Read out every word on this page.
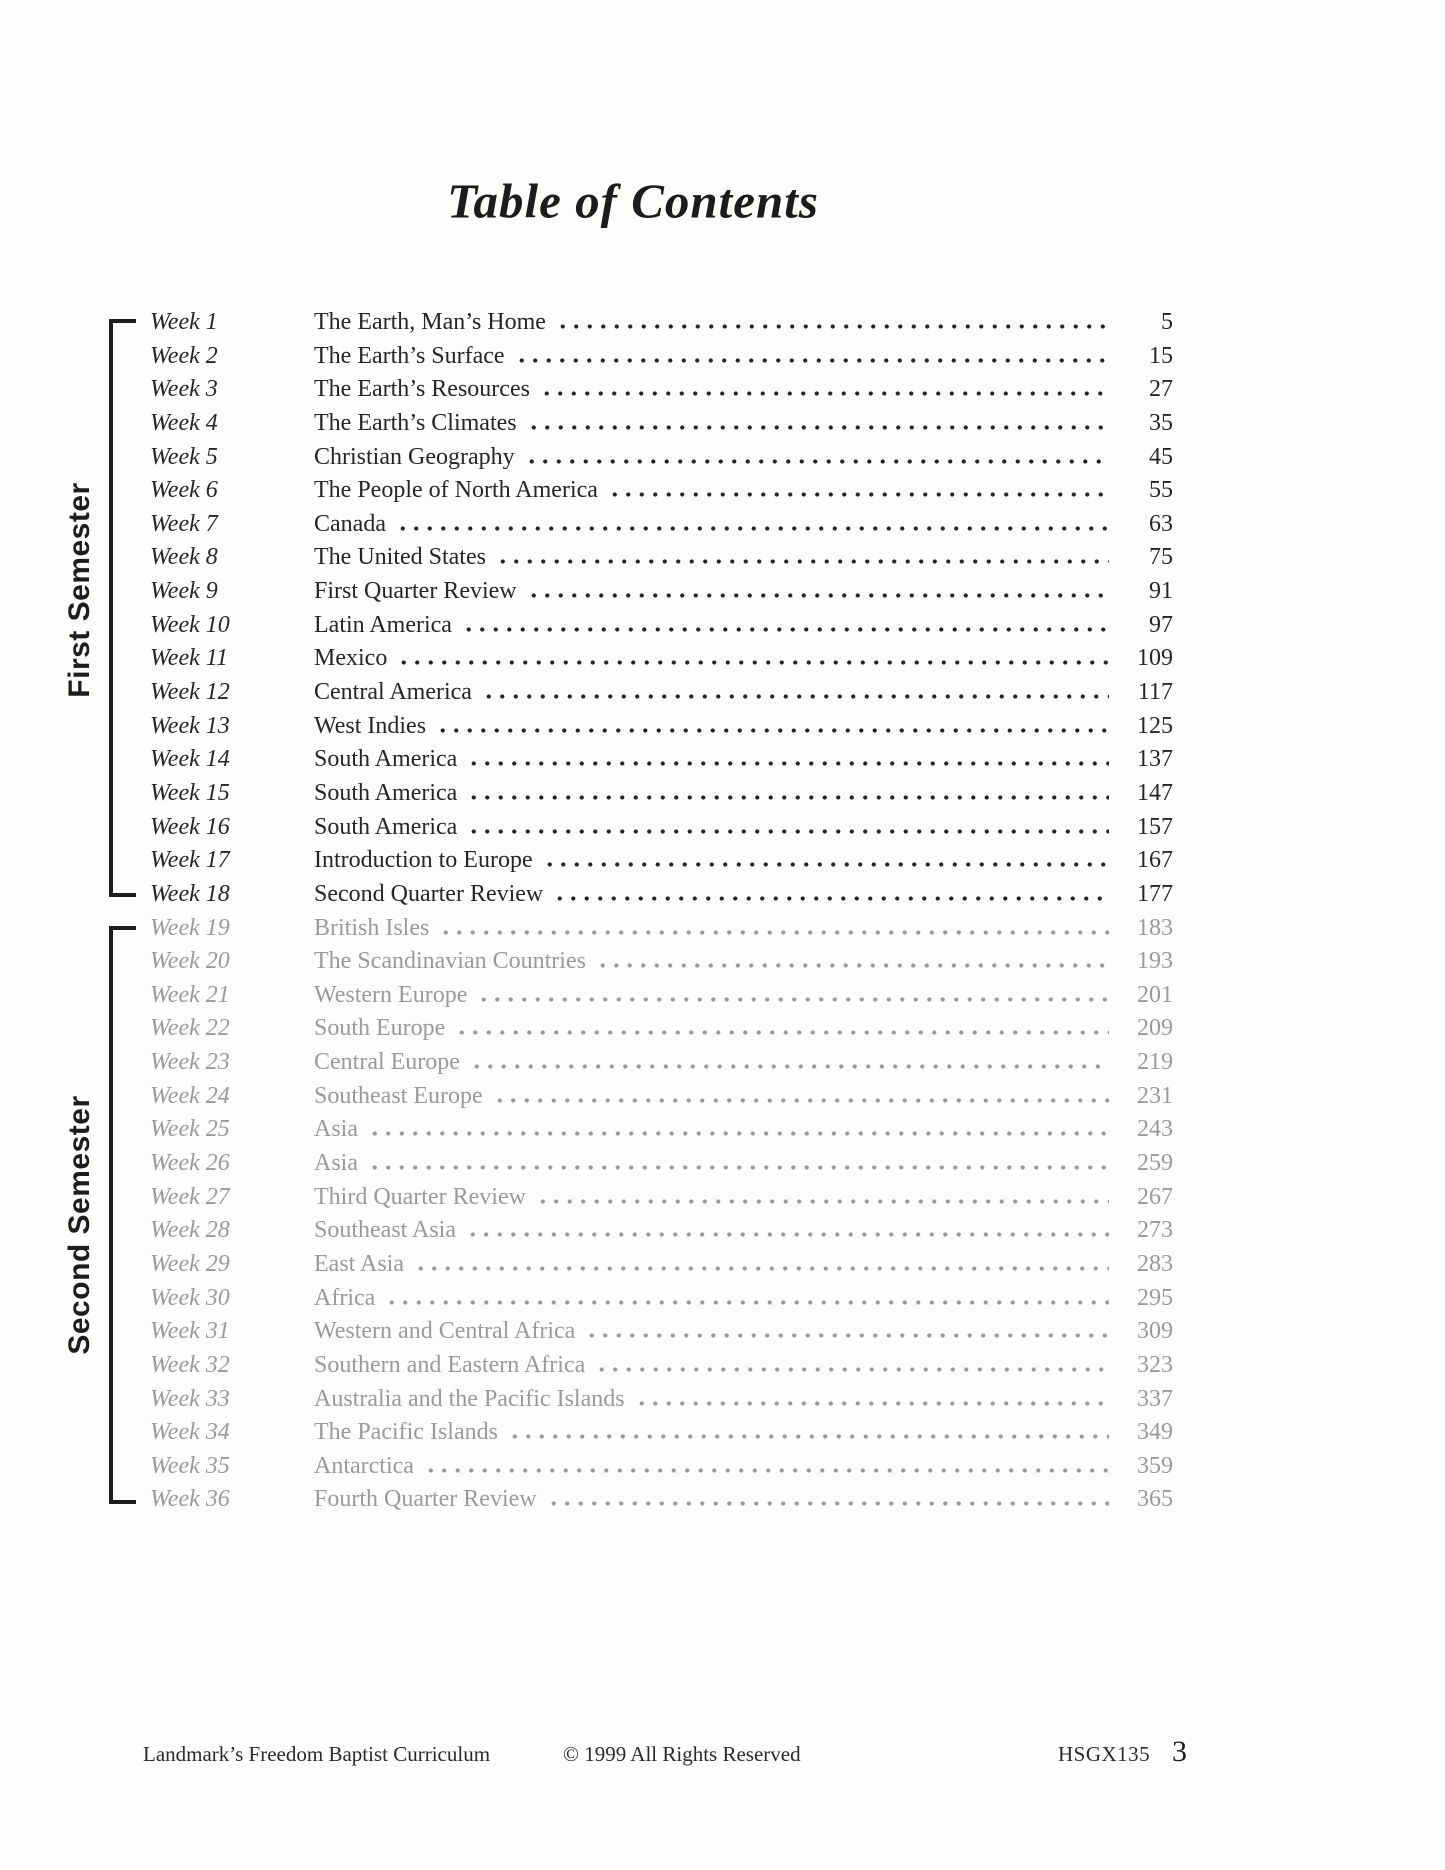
Table of Contents
First Semester
Second Semester
Week 1	The Earth, Man’s Home	5
Week 2	The Earth’s Surface	15
Week 3	The Earth’s Resources	27
Week 4	The Earth’s Climates	35
Week 5	Christian Geography	45
Week 6	The People of North America	55
Week 7	Canada	63
Week 8	The United States	75
Week 9	First Quarter Review	91
Week 10	Latin America	97
Week 11	Mexico	109
Week 12	Central America	117
Week 13	West Indies	125
Week 14	South America	137
Week 15	South America	147
Week 16	South America	157
Week 17	Introduction to Europe	167
Week 18	Second Quarter Review	177
Week 19	British Isles	183
Week 20	The Scandinavian Countries	193
Week 21	Western Europe	201
Week 22	South Europe	209
Week 23	Central Europe	219
Week 24	Southeast Europe	231
Week 25	Asia	243
Week 26	Asia	259
Week 27	Third Quarter Review	267
Week 28	Southeast Asia	273
Week 29	East Asia	283
Week 30	Africa	295
Week 31	Western and Central Africa	309
Week 32	Southern and Eastern Africa	323
Week 33	Australia and the Pacific Islands	337
Week 34	The Pacific Islands	349
Week 35	Antarctica	359
Week 36	Fourth Quarter Review	365
Landmark’s Freedom Baptist Curriculum	© 1999 All Rights Reserved	HSGX135 3
